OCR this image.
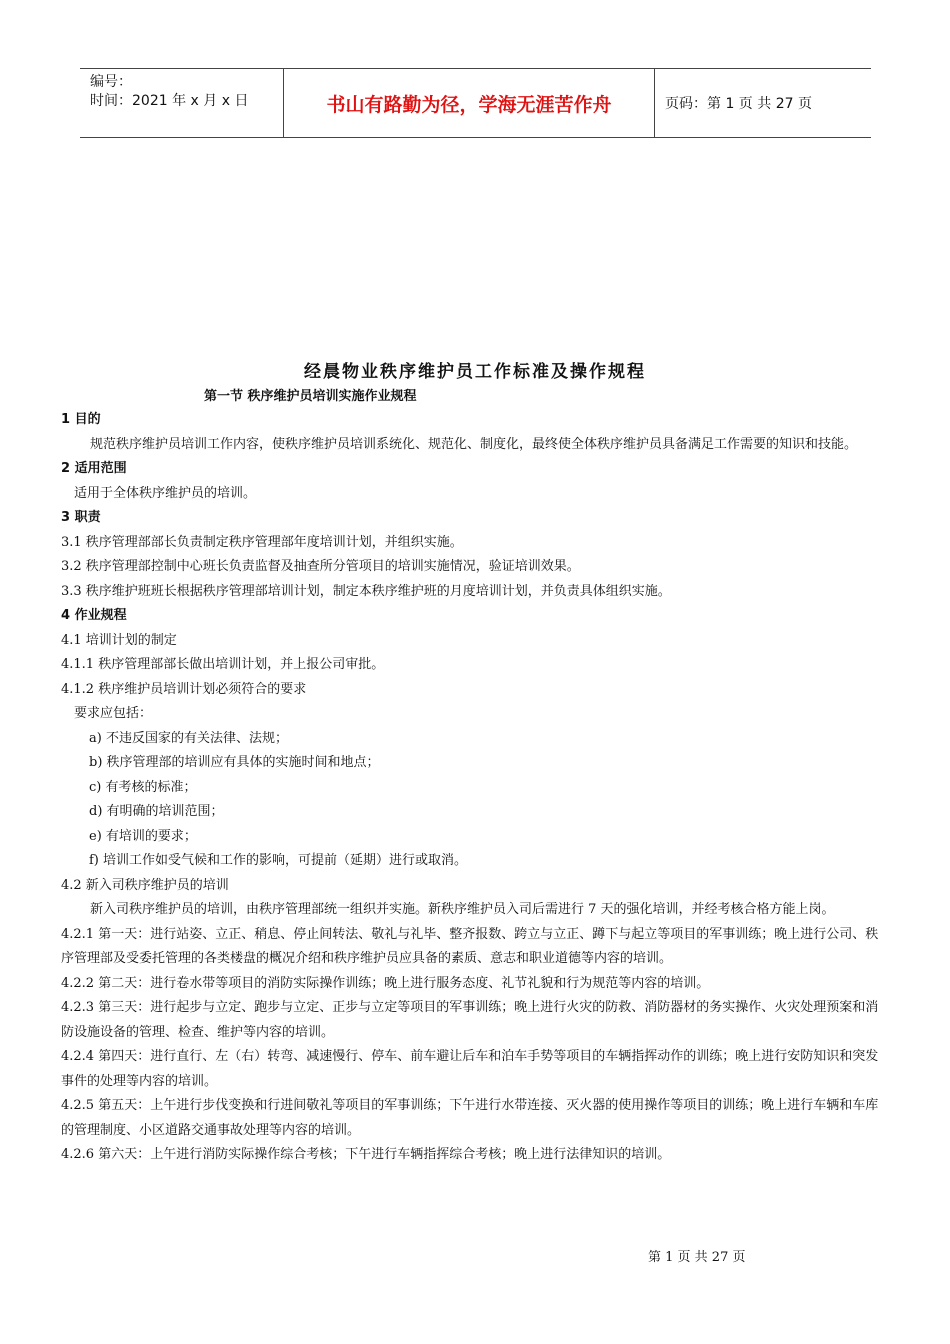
编号：
时间：2021 年 x 月 x 日	书山有路勤为径，学海无涯苦作舟	页码：第 1 页 共 27 页
经晨物业秩序维护员工作标准及操作规程
第一节 秩序维护员培训实施作业规程

1 目的

规范秩序维护员培训工作内容，使秩序维护员培训系统化、规范化、制度化，最终使全体秩序维护员具备满足工作需要的知识和技能。

2 适用范围

适用于全体秩序维护员的培训。

3 职责

3.1 秩序管理部部长负责制定秩序管理部年度培训计划，并组织实施。

3.2 秩序管理部控制中心班长负责监督及抽查所分管项目的培训实施情况，验证培训效果。

3.3 秩序维护班班长根据秩序管理部培训计划，制定本秩序维护班的月度培训计划，并负责具体组织实施。

4 作业规程

4.1 培训计划的制定

4.1.1 秩序管理部部长做出培训计划，并上报公司审批。

4.1.2 秩序维护员培训计划必须符合的要求

要求应包括：

a) 不违反国家的有关法律、法规；

b) 秩序管理部的培训应有具体的实施时间和地点；

c) 有考核的标准；

d) 有明确的培训范围；

e) 有培训的要求；

f) 培训工作如受气候和工作的影响，可提前（延期）进行或取消。

4.2 新入司秩序维护员的培训

新入司秩序维护员的培训，由秩序管理部统一组织并实施。新秩序维护员入司后需进行 7 天的强化培训，并经考核合格方能上岗。

4.2.1 第一天：进行站姿、立正、稍息、停止间转法、敬礼与礼毕、整齐报数、跨立与立正、蹲下与起立等项目的军事训练；晚上进行公司、秩序管理部及受委托管理的各类楼盘的概况介绍和秩序维护员应具备的素质、意志和职业道德等内容的培训。

4.2.2 第二天：进行卷水带等项目的消防实际操作训练；晚上进行服务态度、礼节礼貌和行为规范等内容的培训。

4.2.3 第三天：进行起步与立定、跑步与立定、正步与立定等项目的军事训练；晚上进行火灾的防救、消防器材的务实操作、火灾处理预案和消防设施设备的管理、检查、维护等内容的培训。

4.2.4 第四天：进行直行、左（右）转弯、减速慢行、停车、前车避让后车和泊车手势等项目的车辆指挥动作的训练；晚上进行安防知识和突发事件的处理等内容的培训。

4.2.5 第五天：上午进行步伐变换和行进间敬礼等项目的军事训练；下午进行水带连接、灭火器的使用操作等项目的训练；晚上进行车辆和车库的管理制度、小区道路交通事故处理等内容的培训。

4.2.6 第六天：上午进行消防实际操作综合考核；下午进行车辆指挥综合考核；晚上进行法律知识的培训。

第 1 页 共 27 页
